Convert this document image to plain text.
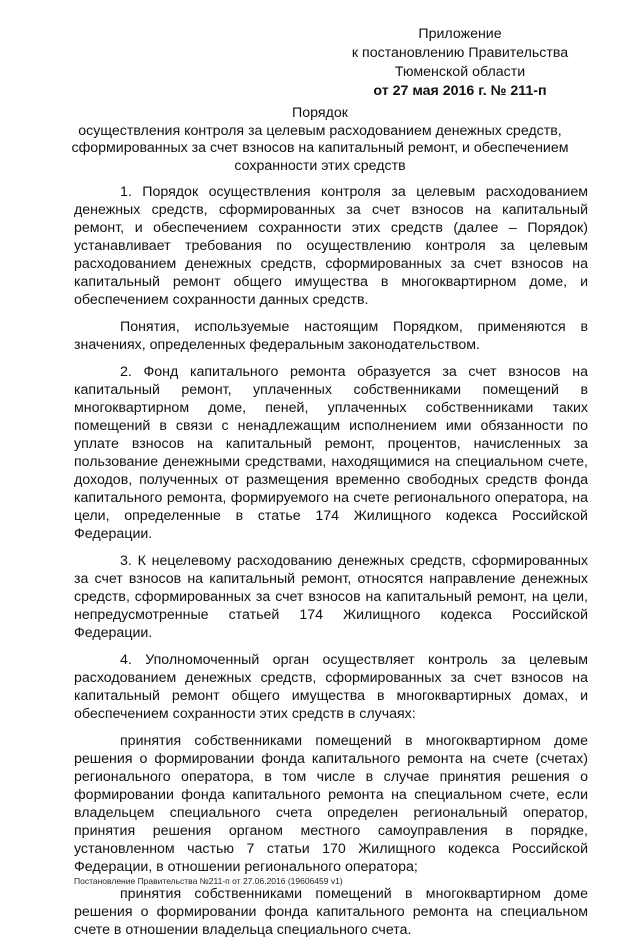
Приложение
к постановлению Правительства
Тюменской области
от 27 мая 2016 г. № 211-п
Порядок
осуществления контроля за целевым расходованием денежных средств,
сформированных за счет взносов на капитальный ремонт, и обеспечением
сохранности этих средств

1. Порядок осуществления контроля за целевым расходованием денежных средств, сформированных за счет взносов на капитальный ремонт, и обеспечением сохранности этих средств (далее – Порядок) устанавливает требования по осуществлению контроля за целевым расходованием денежных средств, сформированных за счет взносов на капитальный ремонт общего имущества в многоквартирном доме, и обеспечением сохранности данных средств.

Понятия, используемые настоящим Порядком, применяются в значениях, определенных федеральным законодательством.

2. Фонд капитального ремонта образуется за счет взносов на капитальный ремонт, уплаченных собственниками помещений в многоквартирном доме, пеней, уплаченных собственниками таких помещений в связи с ненадлежащим исполнением ими обязанности по уплате взносов на капитальный ремонт, процентов, начисленных за пользование денежными средствами, находящимися на специальном счете, доходов, полученных от размещения временно свободных средств фонда капитального ремонта, формируемого на счете регионального оператора, на цели, определенные в статье 174 Жилищного кодекса Российской Федерации.

3. К нецелевому расходованию денежных средств, сформированных за счет взносов на капитальный ремонт, относятся направление денежных средств, сформированных за счет взносов на капитальный ремонт, на цели, непредусмотренные статьей 174 Жилищного кодекса Российской Федерации.

4. Уполномоченный орган осуществляет контроль за целевым расходованием денежных средств, сформированных за счет взносов на капитальный ремонт общего имущества в многоквартирных домах, и обеспечением сохранности этих средств в случаях:

принятия собственниками помещений в многоквартирном доме решения о формировании фонда капитального ремонта на счете (счетах) регионального оператора, в том числе в случае принятия решения о формировании фонда капитального ремонта на специальном счете, если владельцем специального счета определен региональный оператор, принятия решения органом местного самоуправления в порядке, установленном частью 7 статьи 170 Жилищного кодекса Российской Федерации, в отношении регионального оператора;

принятия собственниками помещений в многоквартирном доме решения о формировании фонда капитального ремонта на специальном счете в отношении владельца специального счета.

Постановление Правительства №211-п от 27.06.2016 (19606459 v1)
